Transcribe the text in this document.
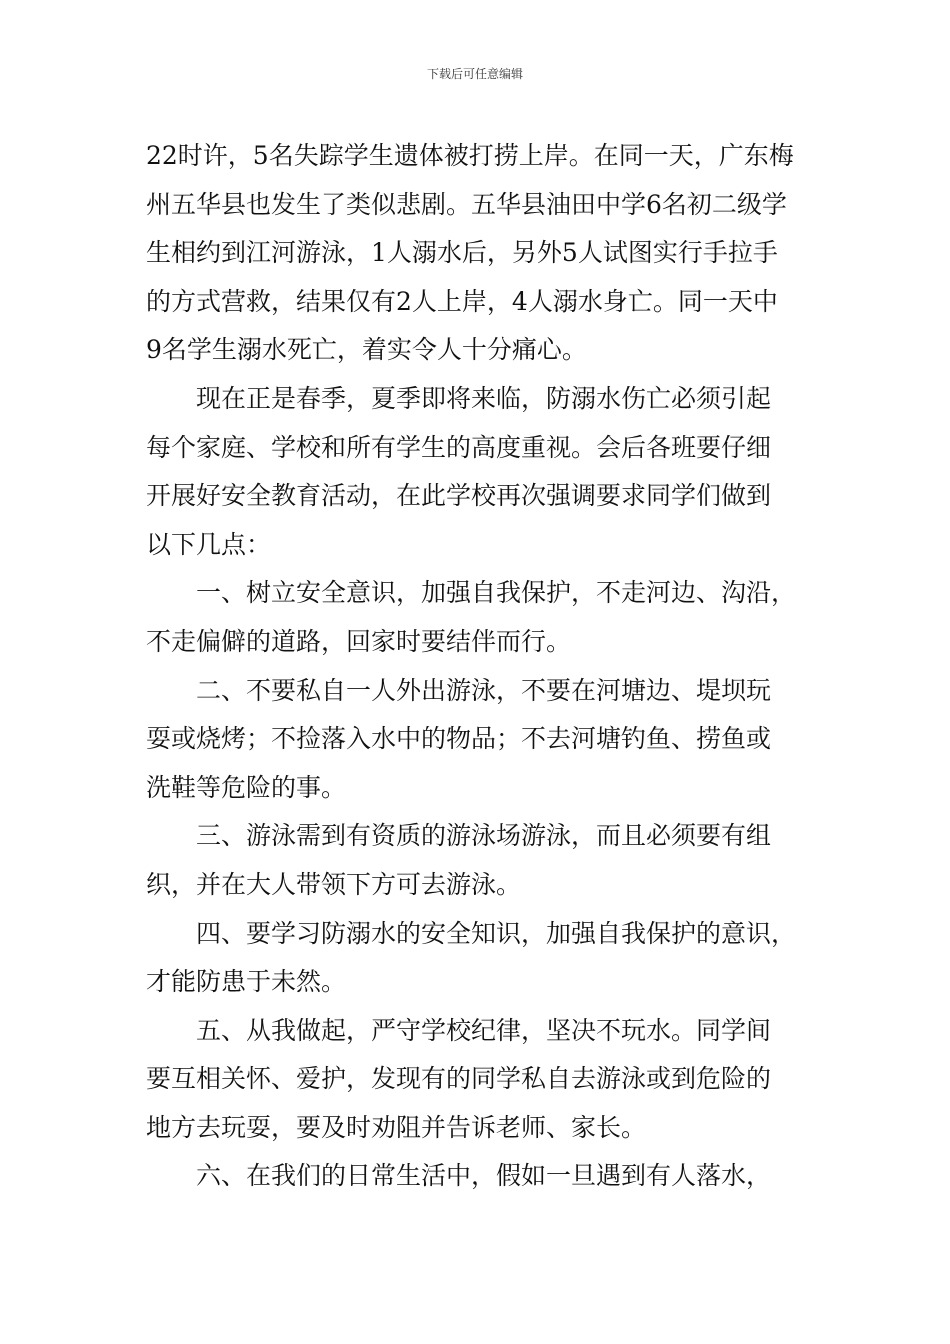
下载后可任意编辑

22时许，5名失踪学生遗体被打捞上岸。在同一天，广东梅
州五华县也发生了类似悲剧。五华县油田中学6名初二级学
生相约到江河游泳，1人溺水后，另外5人试图实行手拉手
的方式营救，结果仅有2人上岸，4人溺水身亡。同一天中
9名学生溺水死亡，着实令人十分痛心。

现在正是春季，夏季即将来临，防溺水伤亡必须引起
每个家庭、学校和所有学生的高度重视。会后各班要仔细
开展好安全教育活动，在此学校再次强调要求同学们做到
以下几点：

一、树立安全意识，加强自我保护，不走河边、沟沿，
不走偏僻的道路，回家时要结伴而行。

二、不要私自一人外出游泳，不要在河塘边、堤坝玩
耍或烧烤；不捡落入水中的物品；不去河塘钓鱼、捞鱼或
洗鞋等危险的事。

三、游泳需到有资质的游泳场游泳，而且必须要有组
织，并在大人带领下方可去游泳。

四、要学习防溺水的安全知识，加强自我保护的意识，
才能防患于未然。

五、从我做起，严守学校纪律，坚决不玩水。同学间
要互相关怀、爱护，发现有的同学私自去游泳或到危险的
地方去玩耍，要及时劝阻并告诉老师、家长。

六、在我们的日常生活中，假如一旦遇到有人落水，
